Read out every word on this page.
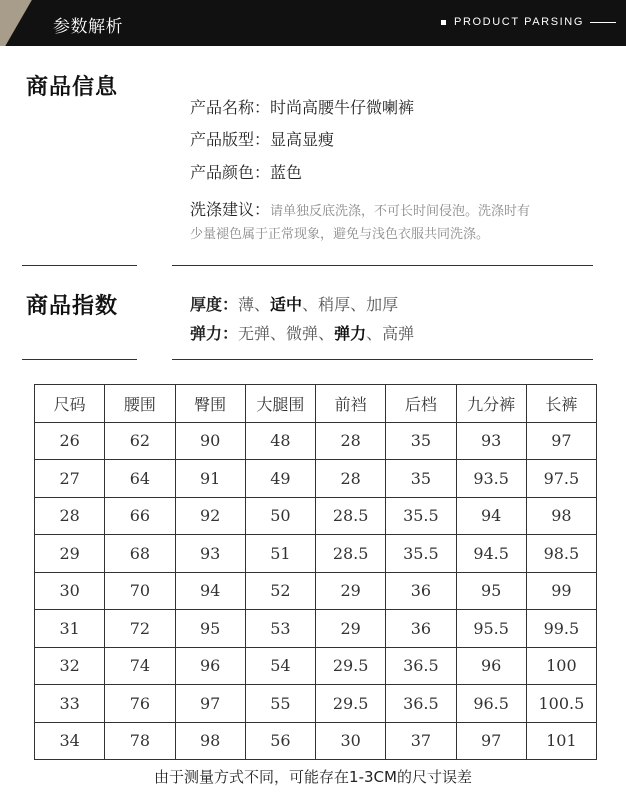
参数解析	PRODUCT PARSING
商品信息
产品名称：时尚高腰牛仔微喇裤
产品版型：显高显瘦
产品颜色：蓝色
洗涤建议：请单独反底洗涤，不可长时间侵泡。洗涤时有
少量褪色属于正常现象，避免与浅色衣服共同洗涤。
商品指数	厚度：薄、适中、稍厚、加厚
弹力：无弹、微弹、弹力、高弹
尺码	腰围	臀围	大腿围	前裆	后档	九分裤	长裤
26	62	90	48	28	35	93	97
27	64	91	49	28	35	93.5	97.5
28	66	92	50	28.5	35.5	94	98
29	68	93	51	28.5	35.5	94.5	98.5
30	70	94	52	29	36	95	99
31	72	95	53	29	36	95.5	99.5
32	74	96	54	29.5	36.5	96	100
33	76	97	55	29.5	36.5	96.5	100.5
34	78	98	56	30	37	97	101
由于测量方式不同，可能存在1-3CM的尺寸误差
